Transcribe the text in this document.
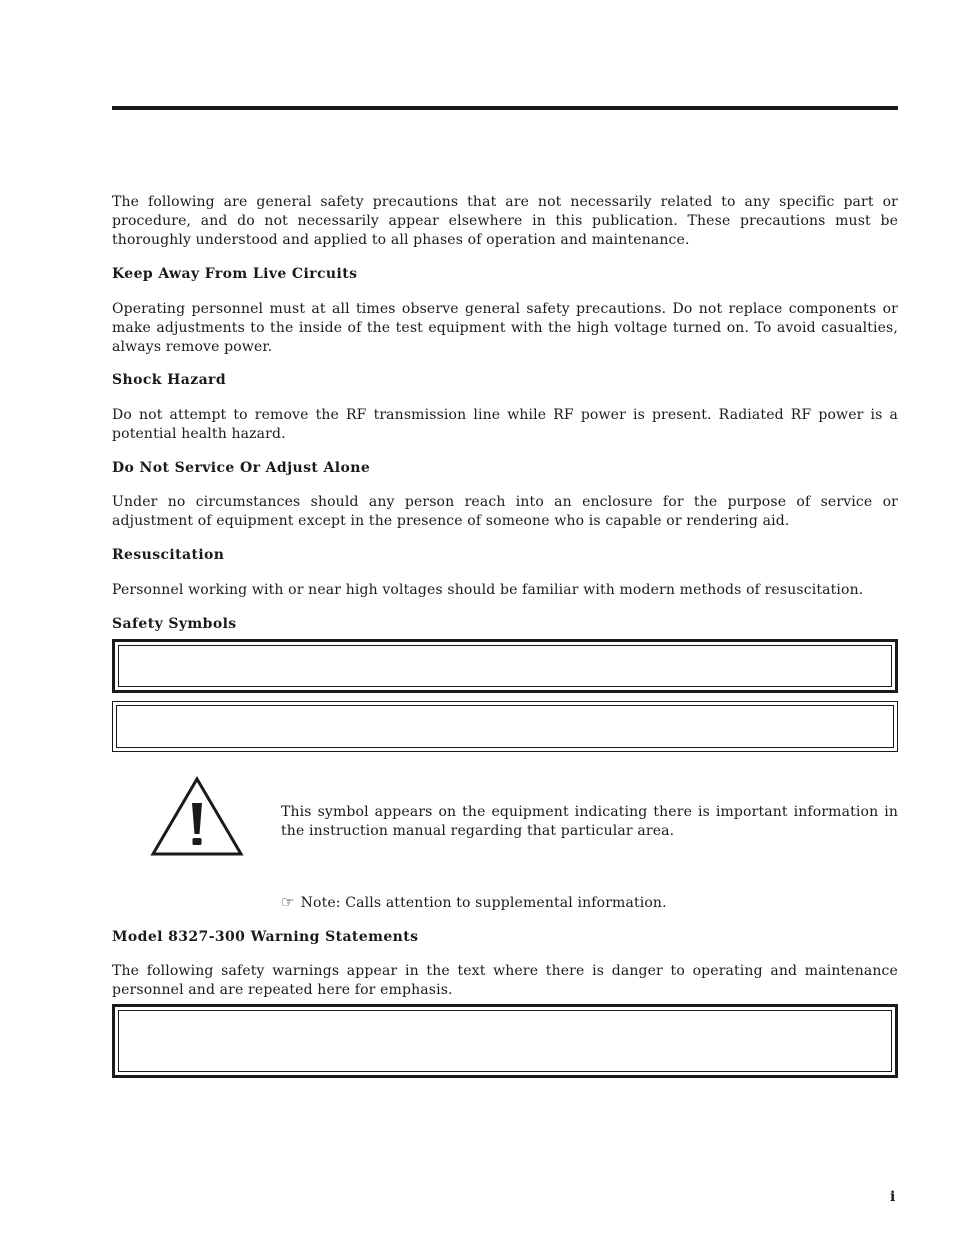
The following are general safety precautions that are not necessarily related to any specific part or procedure, and do not necessarily appear elsewhere in this publication. These precautions must be thoroughly understood and applied to all phases of operation and maintenance.

Keep Away From Live Circuits

Operating personnel must at all times observe general safety precautions. Do not replace components or make adjustments to the inside of the test equipment with the high voltage turned on. To avoid casualties, always remove power.

Shock Hazard

Do not attempt to remove the RF transmission line while RF power is present. Radiated RF power is a potential health hazard.

Do Not Service Or Adjust Alone

Under no circumstances should any person reach into an enclosure for the purpose of service or adjustment of equipment except in the presence of someone who is capable or rendering aid.

Resuscitation

Personnel working with or near high voltages should be familiar with modern methods of resuscitation.

Safety Symbols

This symbol appears on the equipment indicating there is important information in the instruction manual regarding that particular area.

☞ Note: Calls attention to supplemental information.
Model 8327-300 Warning Statements

The following safety warnings appear in the text where there is danger to operating and maintenance personnel and are repeated here for emphasis.

i
